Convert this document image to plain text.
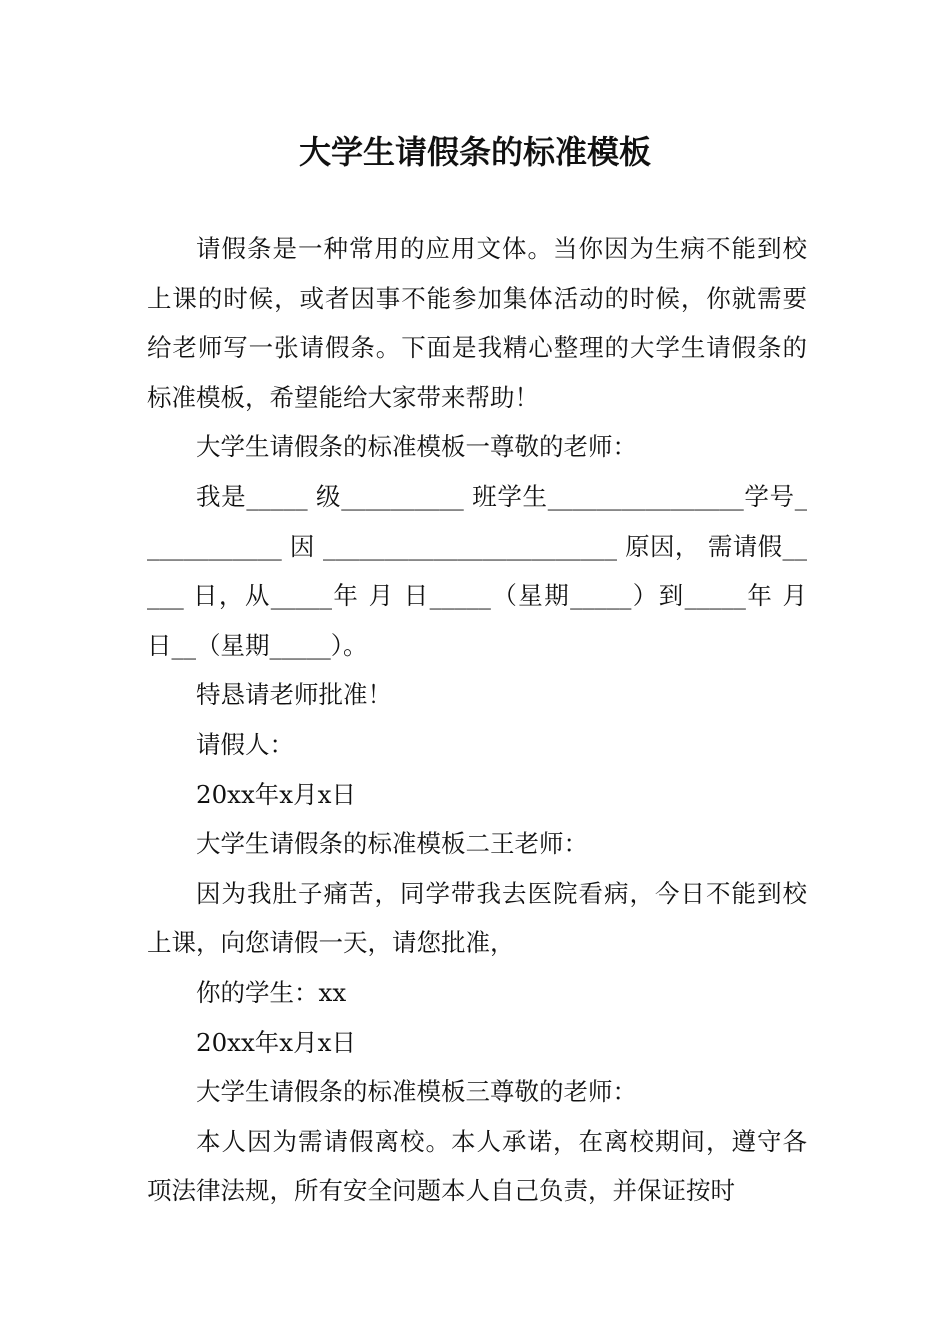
大学生请假条的标准模板

请假条是一种常用的应用文体。当你因为生病不能到校上课的时候，或者因事不能参加集体活动的时候，你就需要给老师写一张请假条。下面是我精心整理的大学生请假条的标准模板，希望能给大家带来帮助！

大学生请假条的标准模板一尊敬的老师：

我是_____ 级__________ 班学生________________学号____________ 因 ________________________ 原因， 需请假_____ 日，从_____年 月 日_____（星期_____）到_____年 月 日__（星期_____）。

特恳请老师批准！

请假人：

20xx年x月x日

大学生请假条的标准模板二王老师：

因为我肚子痛苦，同学带我去医院看病，今日不能到校上课，向您请假一天，请您批准，

你的学生：xx

20xx年x月x日

大学生请假条的标准模板三尊敬的老师：

本人因为需请假离校。本人承诺，在离校期间，遵守各项法律法规，所有安全问题本人自己负责，并保证按时
